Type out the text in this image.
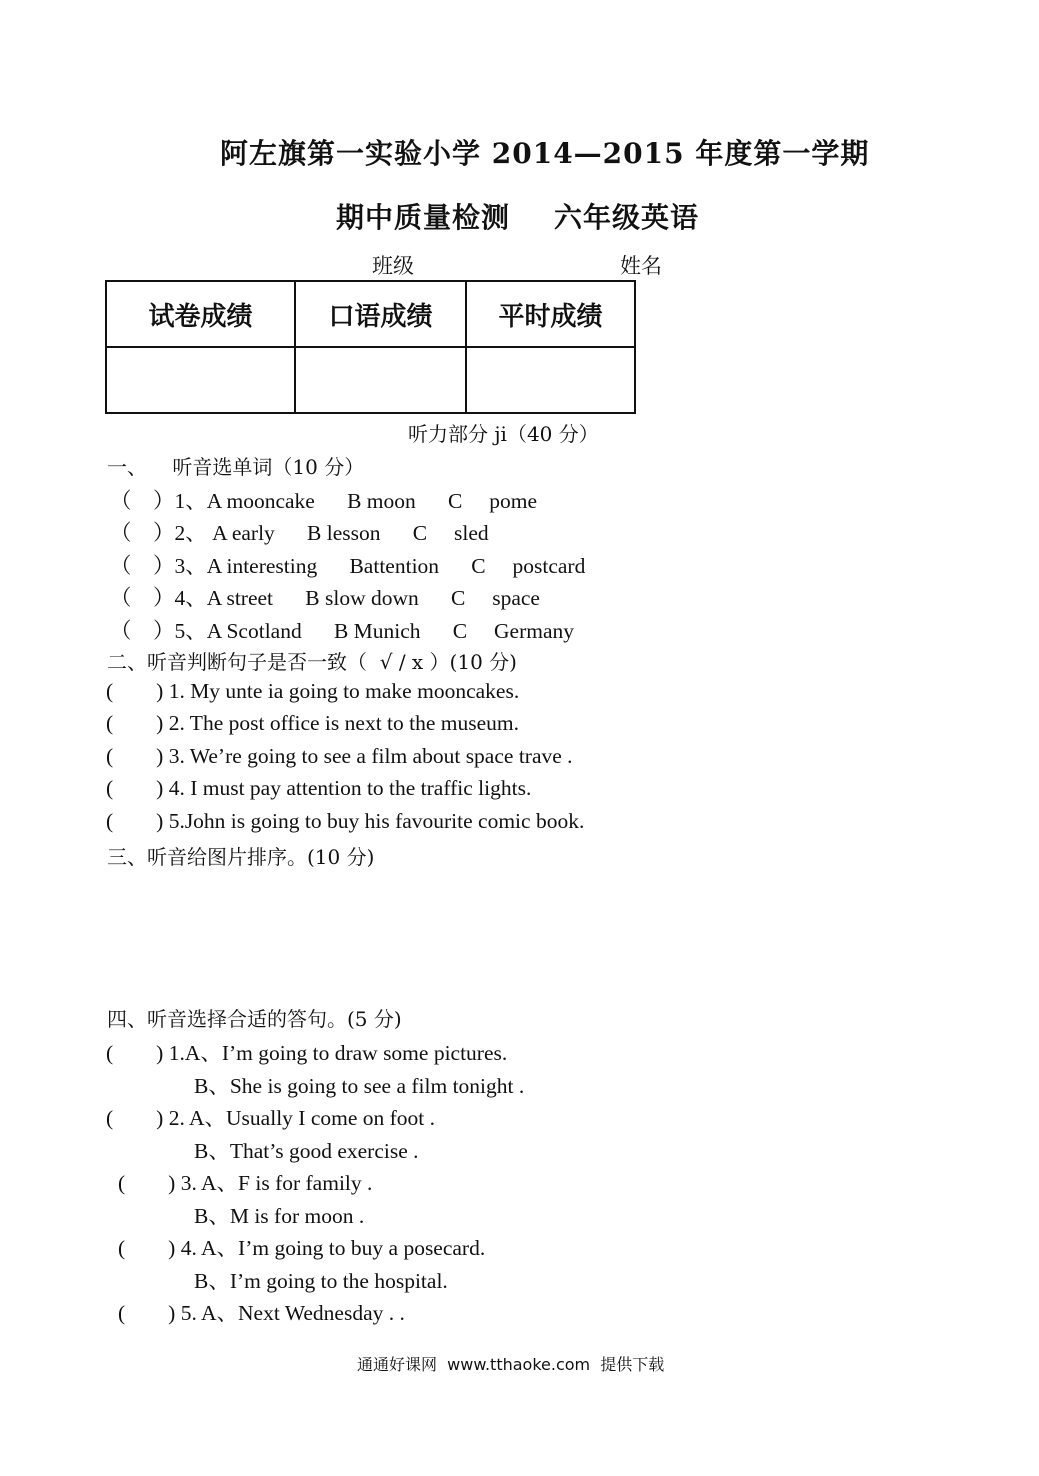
阿左旗第一实验小学 2014—2015 年度第一学期
期中质量检测 六年级英语
班级	姓名
试卷成绩	口语成绩	平时成绩

听力部分 ji（40 分）
一、    听音选单词（10 分）
（    ）1、A mooncake      B moon      C     pome
（    ）2、 A early      B lesson      C     sled
（    ）3、A interesting      Battention      C     postcard
（    ）4、A street      B slow down      C     space
（    ）5、A Scotland      B Munich      C     Germany
二、听音判断句子是否一致（  √ / x ）(10 分)
(        ) 1. My unte ia going to make mooncakes.
(        ) 2. The post office is next to the museum.
(        ) 3. We’re going to see a film about space trave .
(        ) 4. I must pay attention to the traffic lights.
(        ) 5.John is going to buy his favourite comic book.
三、听音给图片排序。(10 分)
四、听音选择合适的答句。(5 分)
(        ) 1.A、I’m going to draw some pictures.
B、She is going to see a film tonight .
(        ) 2. A、Usually I come on foot .
B、That’s good exercise .
(        ) 3. A、F is for family .
B、M is for moon .
(        ) 4. A、I’m going to buy a posecard.
B、I’m going to the hospital.
(        ) 5. A、Next Wednesday . .
通通好课网  www.tthaoke.com  提供下载
